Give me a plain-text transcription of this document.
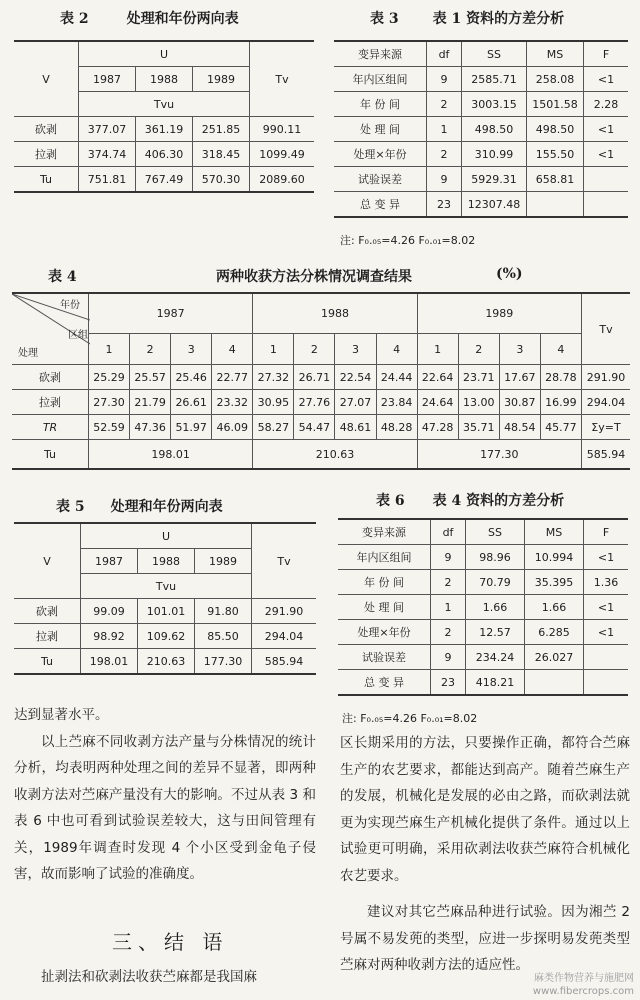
表 2	处理和年份两向表
V	U			Tv
	1987	1988	1989	
	Tvu			
砍剥	377.07	361.19	251.85	990.11
拉剥	374.74	406.30	318.45	1099.49
Tu	751.81	767.49	570.30	2089.60
表 3 表 1 资料的方差分析
变异来源	df	SS	MS	F
年内区组间	9	2585.71	258.08	<1
年 份 间	2	3003.15	1501.58	2.28
处 理 间	1	498.50	498.50	<1
处理×年份	2	310.99	155.50	<1
试验误差	9	5929.31	658.81	
总 变 异	23	12307.48		
注: F₀.₀₅=4.26 F₀.₀₁=8.02
表 4	两种收获方法分株情况调查结果	(%)
年份
区组
处理	1987				1988				1989				Tv
	1	2	3	4	1	2	3	4	1	2	3	4	
砍剥	25.29	25.57	25.46	22.77	27.32	26.71	22.54	24.44	22.64	23.71	17.67	28.78	291.90
拉剥	27.30	21.79	26.61	23.32	30.95	27.76	27.07	23.84	24.64	13.00	30.87	16.99	294.04
TR	52.59	47.36	51.97	46.09	58.27	54.47	48.61	48.28	47.28	35.71	48.54	45.77	Σy=T
Tu	198.01				210.63				177.30				585.94
表 5 处理和年份两向表
V	U			Tv
	1987	1988	1989	
	Tvu			
砍剥	99.09	101.01	91.80	291.90
拉剥	98.92	109.62	85.50	294.04
Tu	198.01	210.63	177.30	585.94
表 6 表 4 资料的方差分析
变异来源	df	SS	MS	F
年内区组间	9	98.96	10.994	<1
年 份 间	2	70.79	35.395	1.36
处 理 间	1	1.66	1.66	<1
处理×年份	2	12.57	6.285	<1
试验误差	9	234.24	26.027	
总 变 异	23	418.21		
注: F₀.₀₅=4.26 F₀.₀₁=8.02

达到显著水平。

以上苎麻不同收剥方法产量与分株情况的统计分析，均表明两种处理之间的差异不显著，即两种收剥方法对苎麻产量没有大的影响。不过从表 3 和表 6 中也可看到试验误差较大，这与田间管理有关，1989年调查时发现 4 个小区受到金龟子侵害，故而影响了试验的准确度。

三、结 语

扯剥法和砍剥法收获苎麻都是我国麻

区长期采用的方法，只要操作正确，都符合苎麻生产的农艺要求，都能达到高产。随着苎麻生产的发展，机械化是发展的必由之路，而砍剥法就更为实现苎麻生产机械化提供了条件。通过以上试验更可明确，采用砍剥法收获苎麻符合机械化农艺要求。

建议对其它苎麻品种进行试验。因为湘苎 2 号属不易发蔸的类型，应进一步探明易发蔸类型苎麻对两种收剥方法的适应性。

麻类作物营养与施肥网
www.fibercrops.com
